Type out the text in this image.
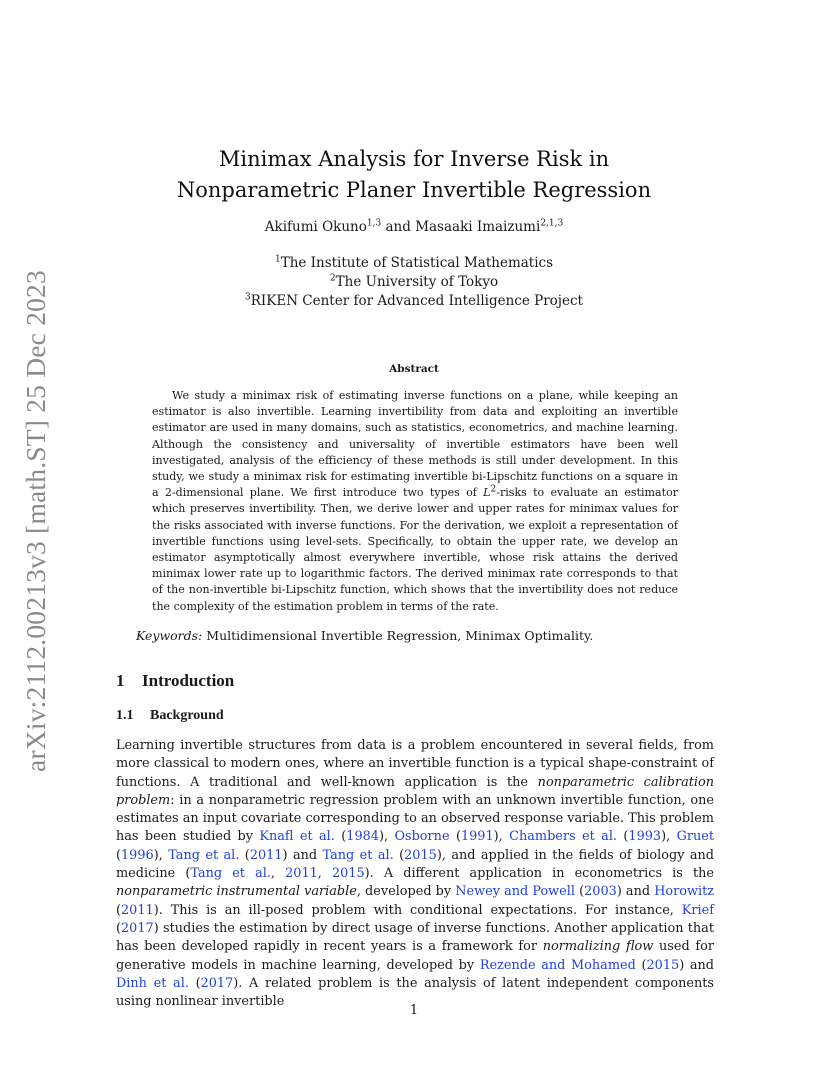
arXiv:2112.00213v3 [math.ST] 25 Dec 2023
Minimax Analysis for Inverse Risk in
Nonparametric Planer Invertible Regression
Akifumi Okuno$^{1,3}$ and Masaaki Imaizumi$^{2,1,3}$
$^1$The Institute of Statistical Mathematics
$^2$The University of Tokyo
$^3$RIKEN Center for Advanced Intelligence Project
Abstract
We study a minimax risk of estimating inverse functions on a plane, while keeping an estimator is also invertible. Learning invertibility from data and exploiting an invertible estimator are used in many domains, such as statistics, econometrics, and machine learning. Although the consistency and universality of invertible estimators have been well investigated, analysis of the efficiency of these methods is still under development. In this study, we study a minimax risk for estimating invertible bi-Lipschitz functions on a square in a 2-dimensional plane. We first introduce two types of $L^2$-risks to evaluate an estimator which preserves invertibility. Then, we derive lower and upper rates for minimax values for the risks associated with inverse functions. For the derivation, we exploit a representation of invertible functions using level-sets. Specifically, to obtain the upper rate, we develop an estimator asymptotically almost everywhere invertible, whose risk attains the derived minimax lower rate up to logarithmic factors. The derived minimax rate corresponds to that of the non-invertible bi-Lipschitz function, which shows that the invertibility does not reduce the complexity of the estimation problem in terms of the rate.
Keywords: Multidimensional Invertible Regression, Minimax Optimality.
1 Introduction
1.1 Background
Learning invertible structures from data is a problem encountered in several fields, from more classical to modern ones, where an invertible function is a typical shape-constraint of functions. A traditional and well-known application is the nonparametric calibration problem: in a nonparametric regression problem with an unknown invertible function, one estimates an input covariate corresponding to an observed response variable. This problem has been studied by Knafl et al. (1984), Osborne (1991), Chambers et al. (1993), Gruet (1996), Tang et al. (2011) and Tang et al. (2015), and applied in the fields of biology and medicine (Tang et al., 2011, 2015). A different application in econometrics is the nonparametric instrumental variable, developed by Newey and Powell (2003) and Horowitz (2011). This is an ill-posed problem with conditional expectations. For instance, Krief (2017) studies the estimation by direct usage of inverse functions. Another application that has been developed rapidly in recent years is a framework for normalizing flow used for generative models in machine learning, developed by Rezende and Mohamed (2015) and Dinh et al. (2017). A related problem is the analysis of latent independent components using nonlinear invertible
1
